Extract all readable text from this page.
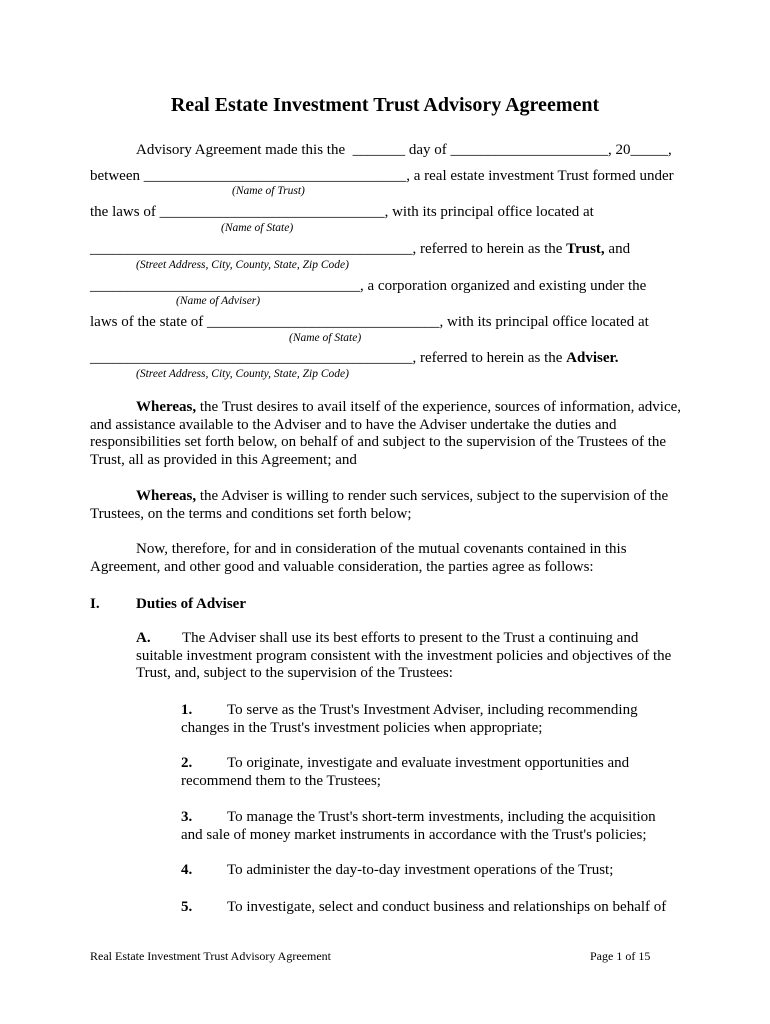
Real Estate Investment Trust Advisory Agreement
Advisory Agreement made this the  _______ day of _____________________, 20_____,
between ___________________________________, a real estate investment Trust formed under
(Name of Trust)
the laws of ______________________________, with its principal office located at
(Name of State)
___________________________________________, referred to herein as the Trust, and
(Street Address, City, County, State, Zip Code)
____________________________________, a corporation organized and existing under the
(Name of Adviser)
laws of the state of _______________________________, with its principal office located at
(Name of State)
___________________________________________, referred to herein as the Adviser.
(Street Address, City, County, State, Zip Code)
Whereas, the Trust desires to avail itself of the experience, sources of information, advice, and assistance available to the Adviser and to have the Adviser undertake the duties and responsibilities set forth below, on behalf of and subject to the supervision of the Trustees of the Trust, all as provided in this Agreement; and
Whereas, the Adviser is willing to render such services, subject to the supervision of the Trustees, on the terms and conditions set forth below;
Now, therefore, for and in consideration of the mutual covenants contained in this Agreement, and other good and valuable consideration, the parties agree as follows:
I. Duties of Adviser
A. The Adviser shall use its best efforts to present to the Trust a continuing and suitable investment program consistent with the investment policies and objectives of the Trust, and, subject to the supervision of the Trustees:
1. To serve as the Trust's Investment Adviser, including recommending changes in the Trust's investment policies when appropriate;
2. To originate, investigate and evaluate investment opportunities and recommend them to the Trustees;
3. To manage the Trust's short-term investments, including the acquisition and sale of money market instruments in accordance with the Trust's policies;
4. To administer the day-to-day investment operations of the Trust;
5. To investigate, select and conduct business and relationships on behalf of
Real Estate Investment Trust Advisory Agreement	Page 1 of 15
